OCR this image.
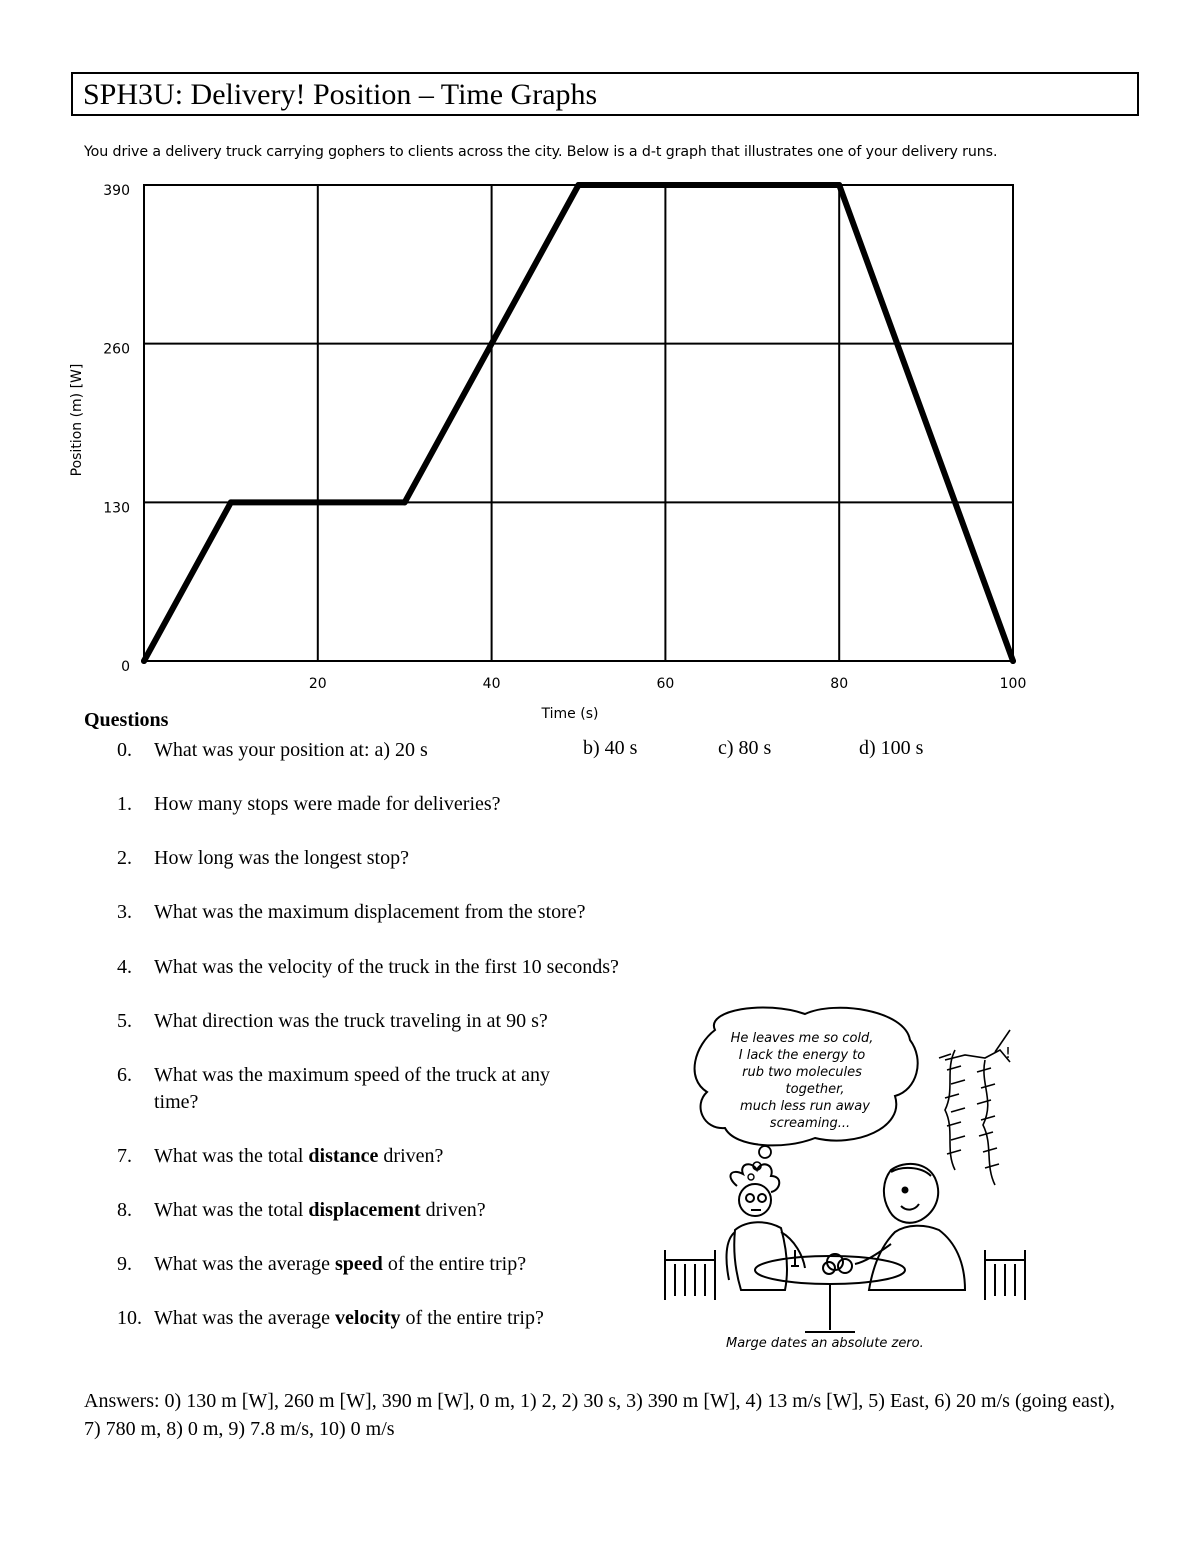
SPH3U: Delivery! Position – Time Graphs
You drive a delivery truck carrying gophers to clients across the city. Below is a d-t graph that illustrates one of your delivery runs.
20	40	60	80	100
0
130
260
390
Time (s)
Position (m) [W]
Questions
0. What was your position at: a) 20 s	b) 40 s	c) 80 s	d) 100 s
1. How many stops were made for deliveries?
2. How long was the longest stop?
3. What was the maximum displacement from the store?
4. What was the velocity of the truck in the first 10 seconds?
5. What direction was the truck traveling in at 90 s?
6. What was the maximum speed of the truck at any
time?
7. What was the total distance driven?
8. What was the total displacement driven?
9. What was the average speed of the entire trip?
10. What was the average velocity of the entire trip?
He leaves me so cold,
I lack the energy to
rub two molecules
together,
much less run away
screaming...
!
Marge dates an absolute zero.
Answers: 0) 130 m [W], 260 m [W], 390 m [W], 0 m, 1) 2, 2) 30 s, 3) 390 m [W], 4) 13 m/s [W], 5) East, 6) 20 m/s (going east), 7) 780 m, 8) 0 m, 9) 7.8 m/s, 10) 0 m/s
